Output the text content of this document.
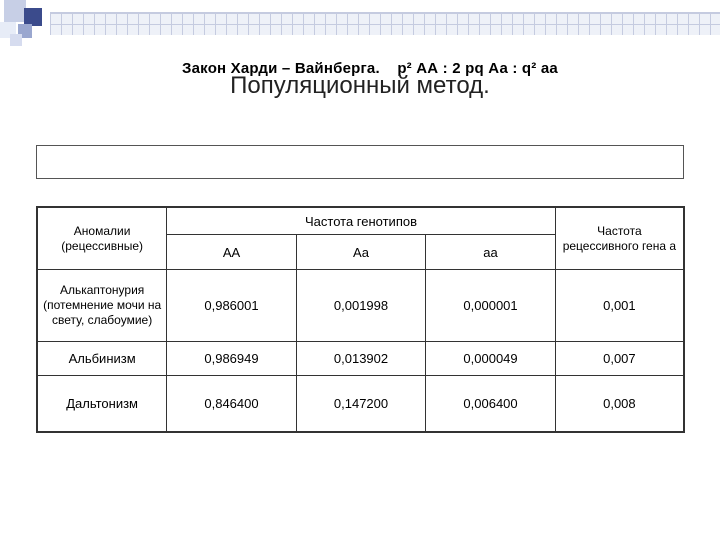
Закон Харди – Вайнберга. p² АА : 2 pq Аа : q² аа
Популяционный метод.
Аномалии (рецессивные)	Частота генотипов			Частота рецессивного гена а
	АА	Аа	аа	
Алькаптонурия (потемнение мочи на свету, слабоумие)	0,986001	0,001998	0,000001	0,001
Альбинизм	0,986949	0,013902	0,000049	0,007
Дальтонизм	0,846400	0,147200	0,006400	0,008
